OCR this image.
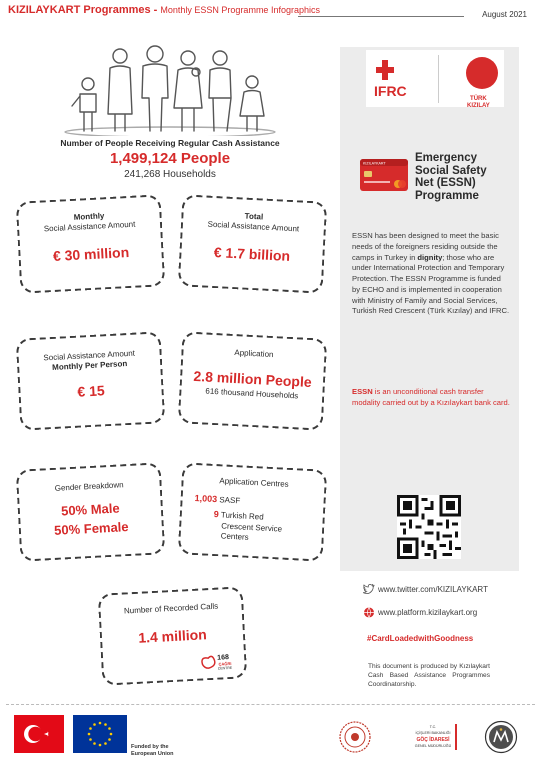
KIZILAYKART Programmes - Monthly ESSN Programme Infographics	August 2021
Number of People Receiving Regular Cash Assistance
1,499,124 People
241,268 Households
Monthly
Social Assistance Amount
€ 30 million
Total
Social Assistance Amount
€ 1.7 billion
Social Assistance Amount
Monthly Per Person
€ 15
Application
2.8 million People
616 thousand Households
Gender Breakdown
50% Male
50% Female
Application Centres
1,003 SASF
9 Turkish Red
Crescent Service
Centers
Number of Recorded Calls
1.4 million
168
ÇAĞRI
CENTRE
IFRC	TÜRK
KIZILAY
KIZILAYKART	Emergency
Social Safety
Net (ESSN)
Programme
ESSN has been designed to meet the basic needs of the foreigners residing outside the camps in Turkey in dignity; those who are under International Protection and Temporary Protection. The ESSN Programme is funded by ECHO and is implemented in cooperation with Ministry of Family and Social Services, Turkish Red Crescent (Türk Kızılay) and IFRC.
ESSN is an unconditional cash transfer modality carried out by a Kızılaykart bank card.
www.twitter.com/KIZILAYKART
www.platform.kizilaykart.org
#CardLoadedwithGoodness
This document is produced by Kızılaykart Cash Based Assistance Programmes Coordinatorship.
Funded by the
European Union
T.C.
İÇİŞLERİ BAKANLIĞI
GÖÇ İDARESİ
GENEL MÜDÜRLÜĞÜ
